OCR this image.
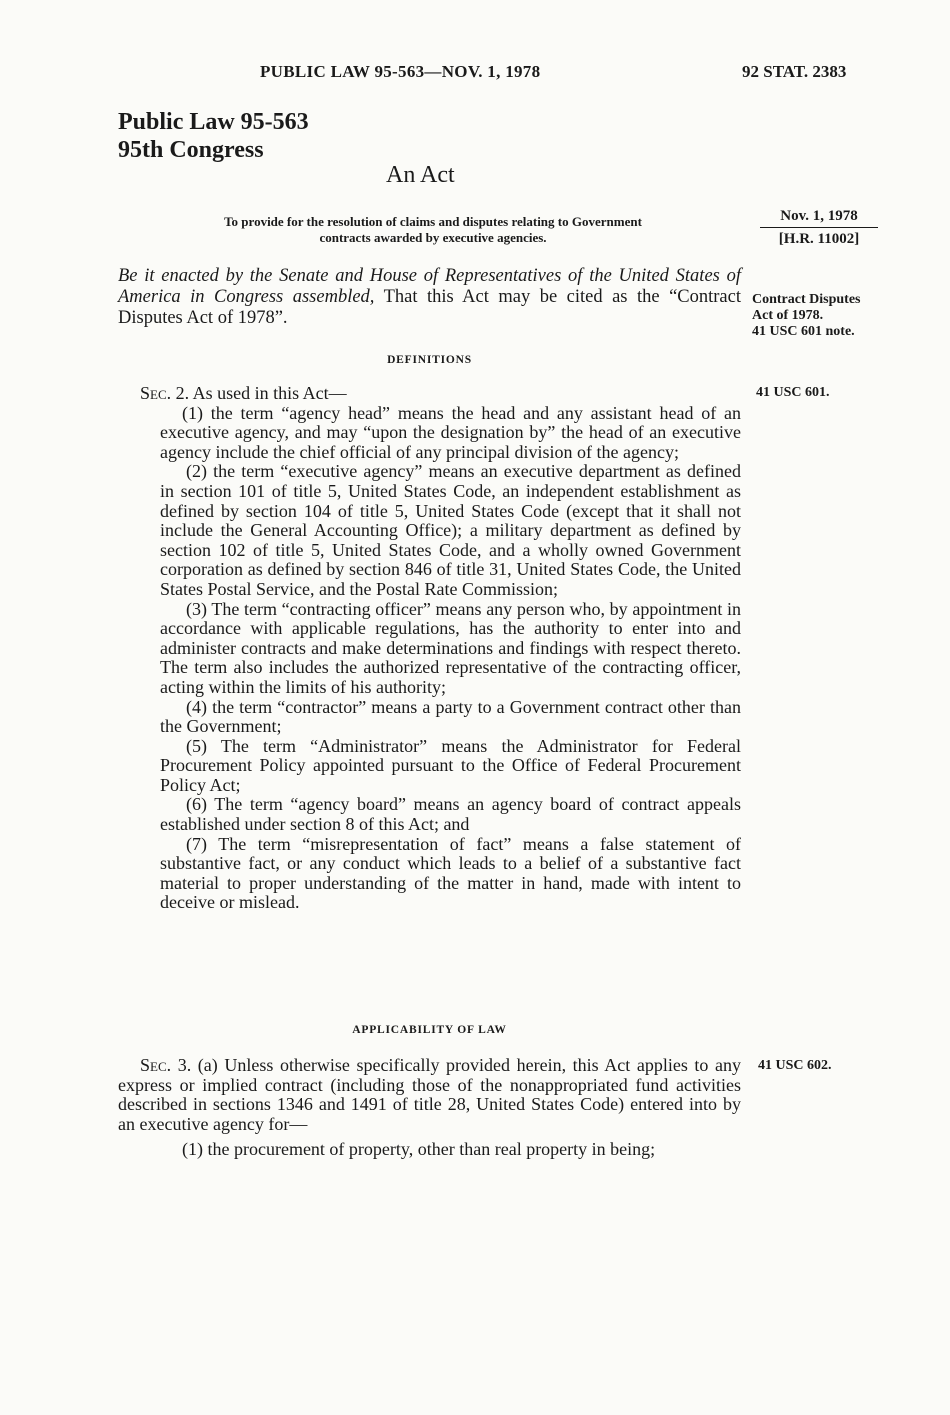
PUBLIC LAW 95-563—NOV. 1, 1978	92 STAT. 2383
Public Law 95-563
95th Congress
An Act
To provide for the resolution of claims and disputes relating to Government
contracts awarded by executive agencies.
Nov. 1, 1978
[H.R. 11002]
Be it enacted by the Senate and House of Representatives of the United States of America in Congress assembled, That this Act may be cited as the “Contract Disputes Act of 1978”.
Contract Disputes
Act of 1978.
41 USC 601 note.
DEFINITIONS
41 USC 601.

Sec. 2. As used in this Act—

(1) the term “agency head” means the head and any assistant head of an executive agency, and may “upon the designation by” the head of an executive agency include the chief official of any principal division of the agency;

(2) the term “executive agency” means an executive department as defined in section 101 of title 5, United States Code, an independent establishment as defined by section 104 of title 5, United States Code (except that it shall not include the General Accounting Office); a military department as defined by section 102 of title 5, United States Code, and a wholly owned Government corporation as defined by section 846 of title 31, United States Code, the United States Postal Service, and the Postal Rate Commission;

(3) The term “contracting officer” means any person who, by appointment in accordance with applicable regulations, has the authority to enter into and administer contracts and make determinations and findings with respect thereto. The term also includes the authorized representative of the contracting officer, acting within the limits of his authority;

(4) the term “contractor” means a party to a Government contract other than the Government;

(5) The term “Administrator” means the Administrator for Federal Procurement Policy appointed pursuant to the Office of Federal Procurement Policy Act;

(6) The term “agency board” means an agency board of contract appeals established under section 8 of this Act; and

(7) The term “misrepresentation of fact” means a false statement of substantive fact, or any conduct which leads to a belief of a substantive fact material to proper understanding of the matter in hand, made with intent to deceive or mislead.

APPLICABILITY OF LAW
41 USC 602.

Sec. 3. (a) Unless otherwise specifically provided herein, this Act applies to any express or implied contract (including those of the nonappropriated fund activities described in sections 1346 and 1491 of title 28, United States Code) entered into by an executive agency for—

(1) the procurement of property, other than real property in being;
